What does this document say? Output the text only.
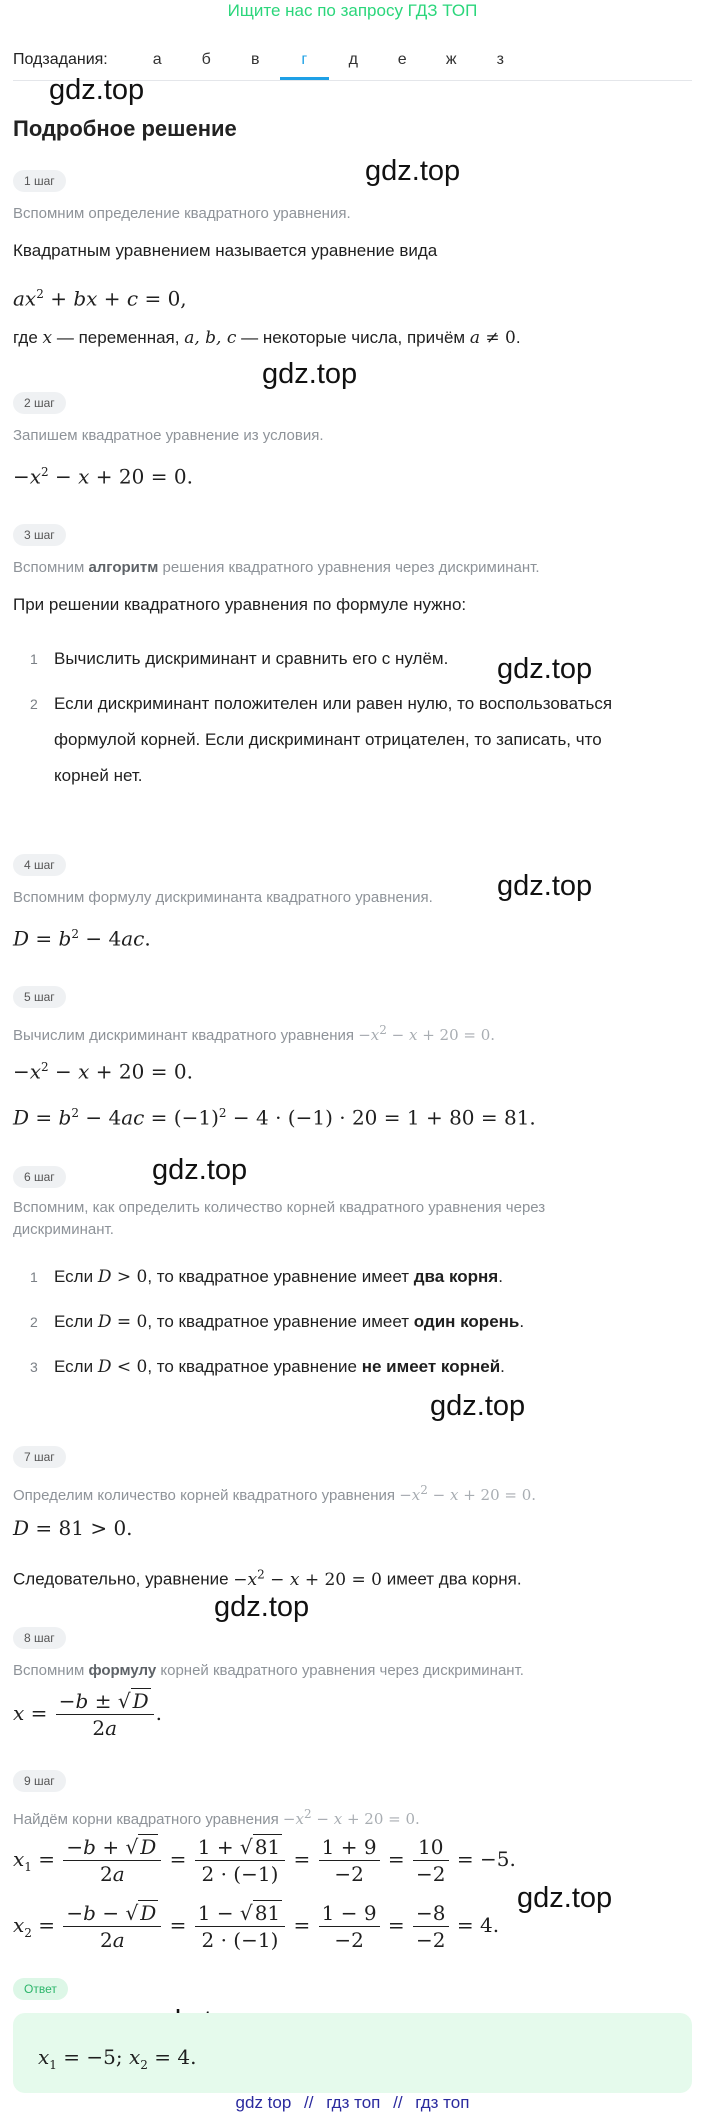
Ищите нас по запросу ГДЗ ТОП
Подзадания:	а	б	в	г	д	е	ж	з
gdz.top
gdz.top
gdz.top
gdz.top
gdz.top
gdz.top
gdz.top
gdz.top
gdz.top
Подробное решение
1 шаг
Вспомним определение квадратного уравнения.
Квадратным уравнением называется уравнение вида
$ax^2$ + bx + c = 0,
где x — переменная, a, b, c — некоторые числа, причём a ≠ 0.
2 шаг
Запишем квадратное уравнение из условия.
$-x^2 - x + 20 = 0$.
3 шаг
Вспомним алгоритм решения квадратного уравнения через дискриминант.
При решении квадратного уравнения по формуле нужно:
1 Вычислить дискриминант и сравнить его с нулём.
2 Если дискриминант положителен или равен нулю, то воспользоваться
формулой корней. Если дискриминант отрицателен, то записать, что
корней нет.
4 шаг
Вспомним формулу дискриминанта квадратного уравнения.
$D = b^2 - 4ac$.
5 шаг
Вычислим дискриминант квадратного уравнения $-x^2 - x + 20 = 0$.
$-x^2 - x + 20 = 0$.
$D = b^2 - 4ac = (-1)^2 - 4 \cdot (-1) \cdot 20 = 1 + 80 = 81$.
6 шаг
Вспомним, как определить количество корней квадратного уравнения через
дискриминант.
1 Если D > 0, то квадратное уравнение имеет два корня.
2 Если D = 0, то квадратное уравнение имеет один корень.
3 Если D < 0, то квадратное уравнение не имеет корней.
7 шаг
Определим количество корней квадратного уравнения $-x^2 - x + 20 = 0$.
D = 81 > 0.
Следовательно, уравнение $-x^2 - x + 20 = 0$ имеет два корня.
8 шаг
Вспомним формулу корней квадратного уравнения через дискриминант.
$x = \frac{-b \pm √ D}{2a}$ .
9 шаг
Найдём корни квадратного уравнения $-x^2 - x + 20 = 0$.
$x_1 = \frac{-b + √ D}{2a} = \frac{1 + √ 81}{2 \cdot (-1)} = \frac{1 + 9}{-2} = \frac{10}{-2} = -5$.
$x_2 = \frac{-b - √ D}{2a} = \frac{1 - √ 81}{2 \cdot (-1)} = \frac{1 - 9}{-2} = \frac{-8}{-2} = 4$.
Ответ
$x_1 = -5$; $x_2 = 4$.
gdz top // гдз топ // гдз топ
